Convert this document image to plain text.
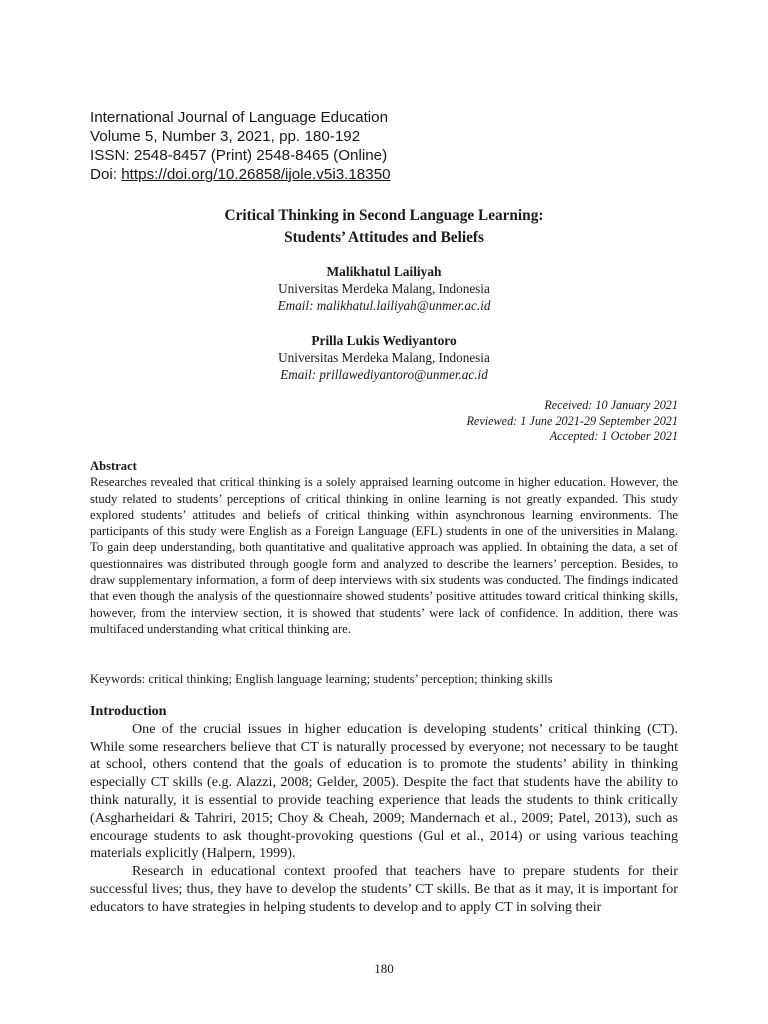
International Journal of Language Education
Volume 5, Number 3, 2021, pp. 180-192
ISSN: 2548-8457 (Print) 2548-8465 (Online)
Doi: https://doi.org/10.26858/ijole.v5i3.18350
Critical Thinking in Second Language Learning:
Students’ Attitudes and Beliefs
Malikhatul Lailiyah
Universitas Merdeka Malang, Indonesia
Email: malikhatul.lailiyah@unmer.ac.id
Prilla Lukis Wediyantoro
Universitas Merdeka Malang, Indonesia
Email: prillawediyantoro@unmer.ac.id
Received: 10 January 2021
Reviewed: 1 June 2021-29 September 2021
Accepted: 1 October 2021
Abstract
Researches revealed that critical thinking is a solely appraised learning outcome in higher education. However, the study related to students’ perceptions of critical thinking in online learning is not greatly expanded. This study explored students’ attitudes and beliefs of critical thinking within asynchronous learning environments. The participants of this study were English as a Foreign Language (EFL) students in one of the universities in Malang. To gain deep understanding, both quantitative and qualitative approach was applied. In obtaining the data, a set of questionnaires was distributed through google form and analyzed to describe the learners’ perception. Besides, to draw supplementary information, a form of deep interviews with six students was conducted. The findings indicated that even though the analysis of the questionnaire showed students’ positive attitudes toward critical thinking skills, however, from the interview section, it is showed that students’ were lack of confidence. In addition, there was multifaced understanding what critical thinking are.
Keywords: critical thinking; English language learning; students’ perception; thinking skills
Introduction

One of the crucial issues in higher education is developing students’ critical thinking (CT). While some researchers believe that CT is naturally processed by everyone; not necessary to be taught at school, others contend that the goals of education is to promote the students’ ability in thinking especially CT skills (e.g. Alazzi, 2008; Gelder, 2005). Despite the fact that students have the ability to think naturally, it is essential to provide teaching experience that leads the students to think critically (Asgharheidari & Tahriri, 2015; Choy & Cheah, 2009; Mandernach et al., 2009; Patel, 2013), such as encourage students to ask thought-provoking questions (Gul et al., 2014) or using various teaching materials explicitly (Halpern, 1999).

Research in educational context proofed that teachers have to prepare students for their successful lives; thus, they have to develop the students’ CT skills. Be that as it may, it is important for educators to have strategies in helping students to develop and to apply CT in solving their

180
